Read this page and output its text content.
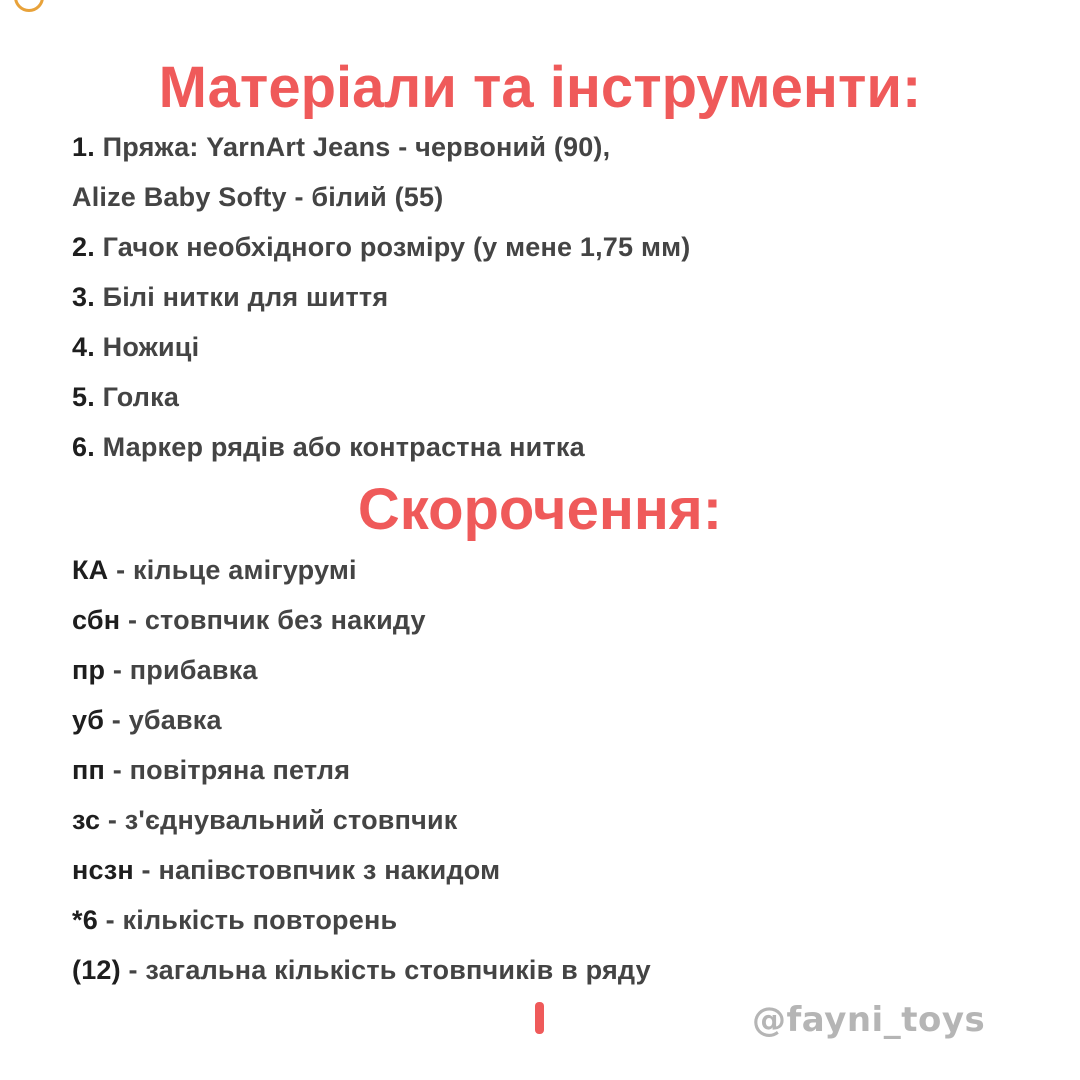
Матеріали та інструменти:
1. Пряжа: YarnArt Jeans - червоний (90),
Alize Baby Softy - білий (55)
2. Гачок необхідного розміру (у мене 1,75 мм)
3. Білі нитки для шиття
4. Ножиці
5. Голка
6. Маркер рядів або контрастна нитка
Скорочення:
КА - кільце амігурумі
сбн - стовпчик без накиду
пр - прибавка
уб - убавка
пп - повітряна петля
зс - з'єднувальний стовпчик
нсзн - напівстовпчик з накидом
*6 - кількість повторень
(12) - загальна кількість стовпчиків в ряду
@fayni_toys
